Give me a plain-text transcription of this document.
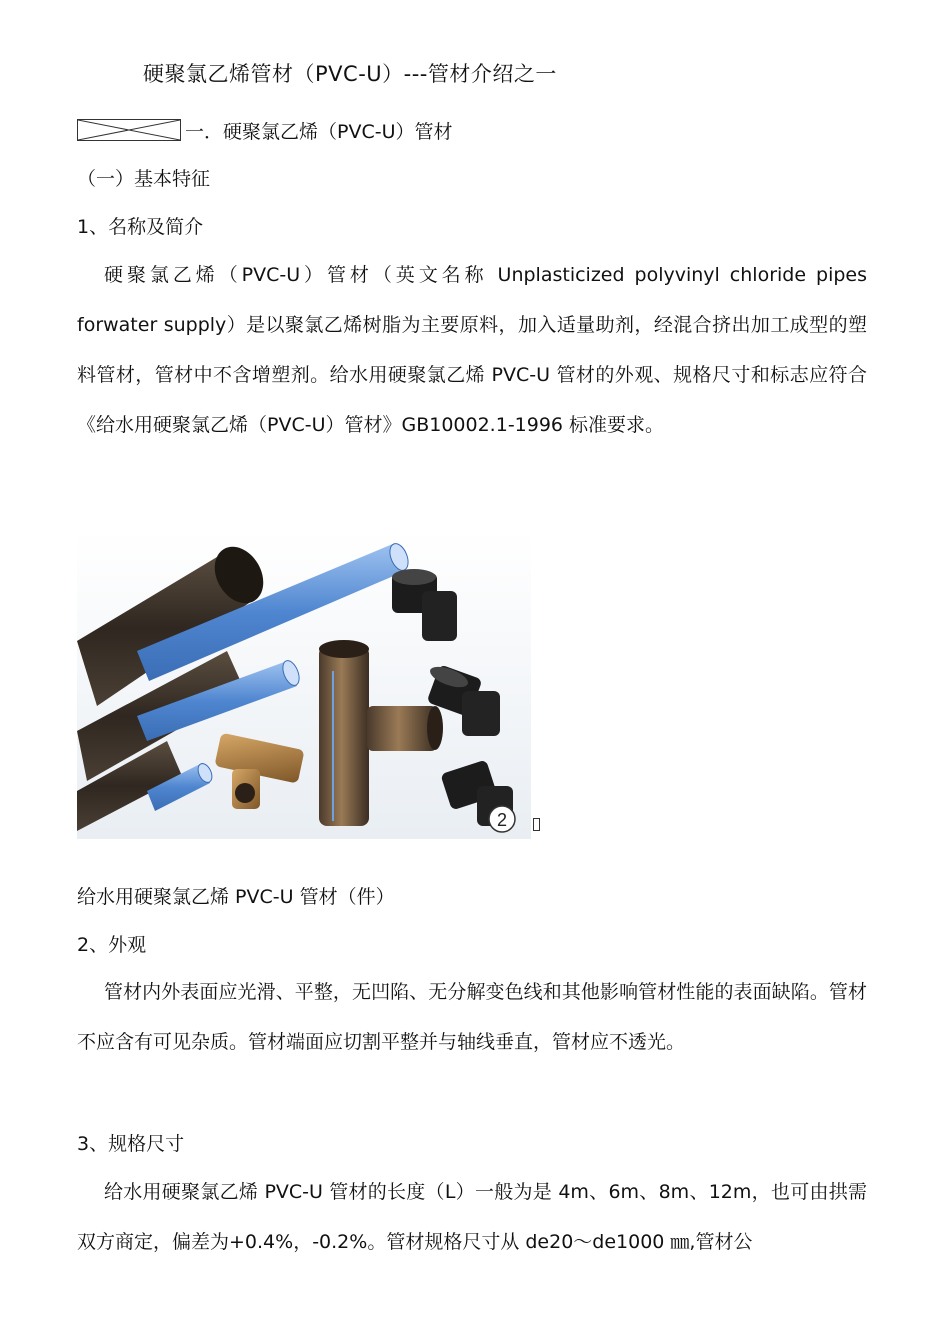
硬聚氯乙烯管材（PVC-U）---管材介绍之一
一．硬聚氯乙烯（PVC-U）管材
（一）基本特征
1、名称及简介
硬聚氯乙烯（PVC-U）管材（英文名称 Unplasticized polyvinyl chloride pipes forwater supply）是以聚氯乙烯树脂为主要原料，加入适量助剂，经混合挤出加工成型的塑料管材，管材中不含增塑剂。给水用硬聚氯乙烯 PVC-U 管材的外观、规格尺寸和标志应符合《给水用硬聚氯乙烯（PVC-U）管材》GB10002.1-1996 标准要求。
2
给水用硬聚氯乙烯 PVC-U 管材（件）
2、外观
管材内外表面应光滑、平整，无凹陷、无分解变色线和其他影响管材性能的表面缺陷。管材不应含有可见杂质。管材端面应切割平整并与轴线垂直，管材应不透光。
3、规格尺寸
给水用硬聚氯乙烯 PVC-U 管材的长度（L）一般为是 4m、6m、8m、12m，也可由拱需双方商定，偏差为+0.4%，-0.2%。管材规格尺寸从 de20～de1000 ㎜,管材公
